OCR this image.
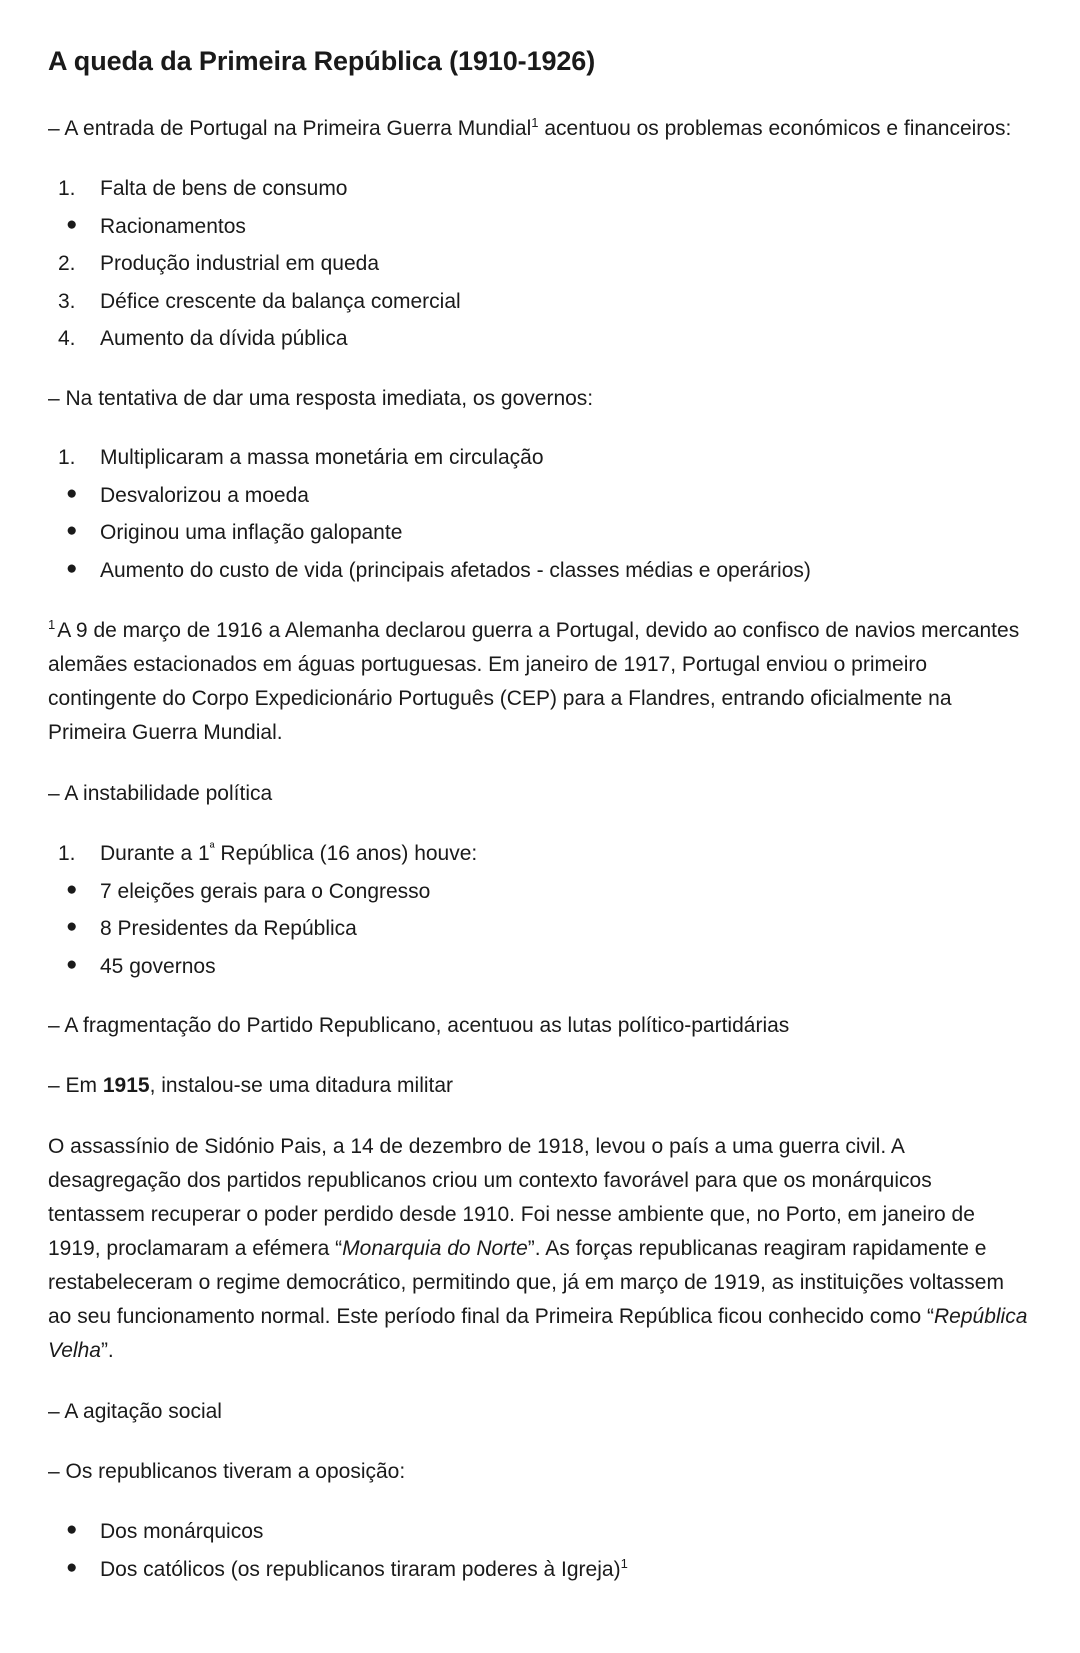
A queda da Primeira República (1910-1926)

– A entrada de Portugal na Primeira Guerra Mundial$^1$ acentuou os problemas económicos e financeiros:

1.	Falta de bens de consumo
●	Racionamentos
2.	Produção industrial em queda
3.	Défice crescente da balança comercial
4.	Aumento da dívida pública

– Na tentativa de dar uma resposta imediata, os governos:

1.	Multiplicaram a massa monetária em circulação
●	Desvalorizou a moeda
●	Originou uma inflação galopante
●	Aumento do custo de vida (principais afetados - classes médias e operários)

$^1$A 9 de março de 1916 a Alemanha declarou guerra a Portugal, devido ao confisco de navios mercantes alemães estacionados em águas portuguesas. Em janeiro de 1917, Portugal enviou o primeiro contingente do Corpo Expedicionário Português (CEP) para a Flandres, entrando oficialmente na Primeira Guerra Mundial.

– A instabilidade política

1.	Durante a $1^ª$ República (16 anos) houve:
●	7 eleições gerais para o Congresso
●	8 Presidentes da República
●	45 governos

– A fragmentação do Partido Republicano, acentuou as lutas político-partidárias

– Em 1915, instalou-se uma ditadura militar

O assassínio de Sidónio Pais, a 14 de dezembro de 1918, levou o país a uma guerra civil. A desagregação dos partidos republicanos criou um contexto favorável para que os monárquicos tentassem recuperar o poder perdido desde 1910. Foi nesse ambiente que, no Porto, em janeiro de 1919, proclamaram a efémera “Monarquia do Norte”. As forças republicanas reagiram rapidamente e restabeleceram o regime democrático, permitindo que, já em março de 1919, as instituições voltassem ao seu funcionamento normal. Este período final da Primeira República ficou conhecido como “República Velha”.

– A agitação social

– Os republicanos tiveram a oposição:

●	Dos monárquicos
●	Dos católicos (os republicanos tiraram poderes à Igreja)$^1$
